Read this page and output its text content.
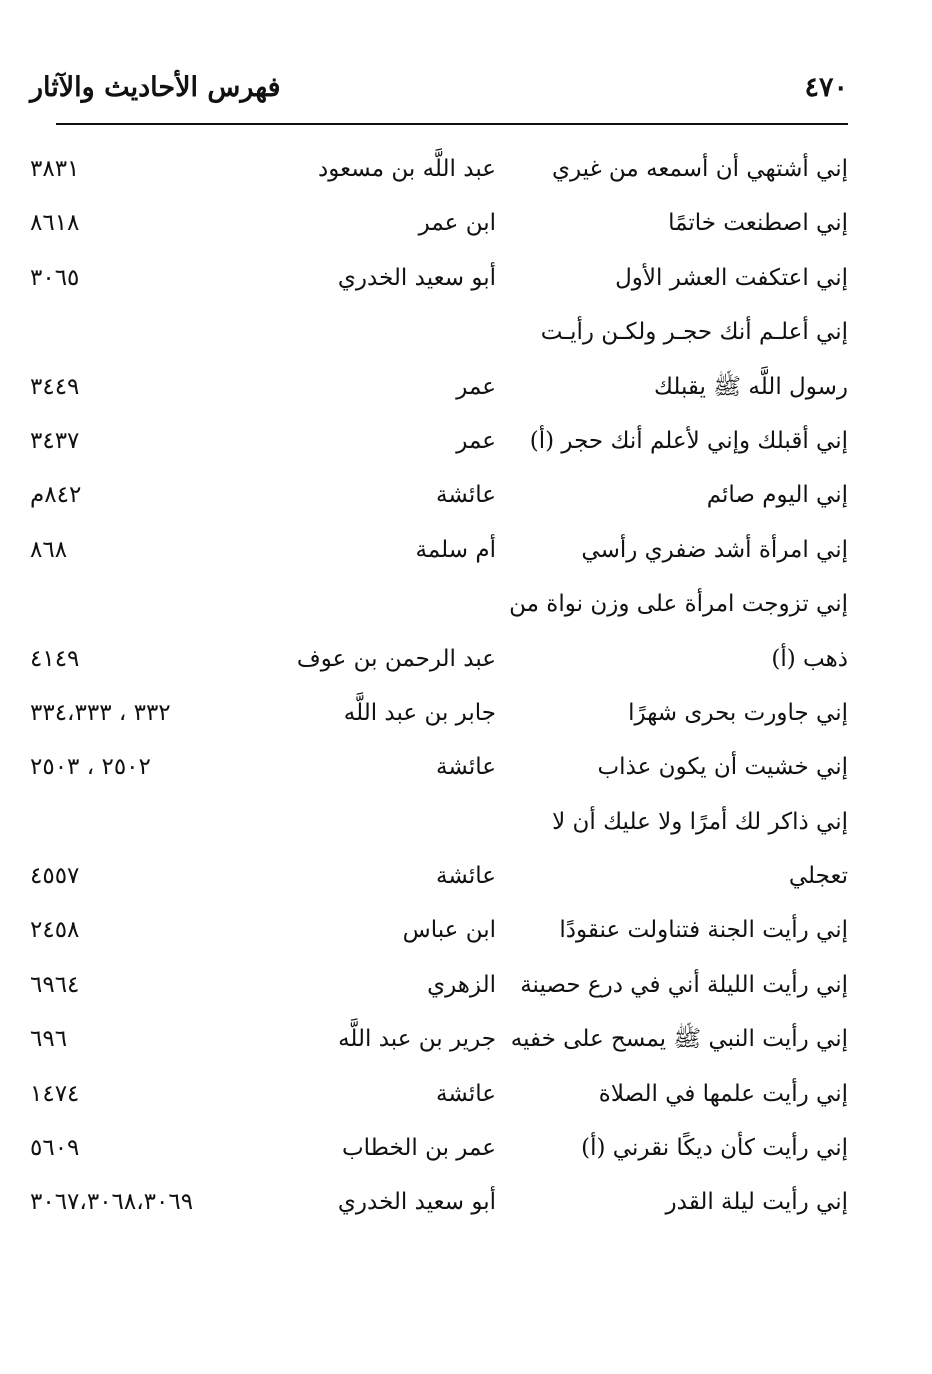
٤٧٠
فهرس الأحاديث والآثار
إني أشتهي أن أسمعه من غيري
عبد اللَّه بن مسعود
٣٨٣١
إني اصطنعت خاتمًا
ابن عمر
٨٦١٨
إني اعتكفت العشر الأول
أبو سعيد الخدري
٣٠٦٥
إني أعلـم أنك حجـر ولكـن رأيـت
رسول اللَّه ﷺ يقبلك
عمر
٣٤٤٩
إني أقبلك وإني لأعلم أنك حجر (أ)
عمر
٣٤٣٧
إني اليوم صائم
عائشة
٨٤٢م
إني امرأة أشد ضفري رأسي
أم سلمة
٨٦٨
إني تزوجت امرأة على وزن نواة من
ذهب (أ)
عبد الرحمن بن عوف
٤١٤٩
إني جاورت بحرى شهرًا
جابر بن عبد اللَّه
٣٣٢ ، ٣٣٤،٣٣٣
إني خشيت أن يكون عذاب
عائشة
٢٥٠٢ ، ٢٥٠٣
إني ذاكر لك أمرًا ولا عليك أن لا
تعجلي
عائشة
٤٥٥٧
إني رأيت الجنة فتناولت عنقودًا
ابن عباس
٢٤٥٨
إني رأيت الليلة أني في درع حصينة
الزهري
٦٩٦٤
إني رأيت النبي ﷺ يمسح على خفيه
جرير بن عبد اللَّه
٦٩٦
إني رأيت علمها في الصلاة
عائشة
١٤٧٤
إني رأيت كأن ديكًا نقرني (أ)
عمر بن الخطاب
٥٦٠٩
إني رأيت ليلة القدر
أبو سعيد الخدري
٣٠٦٧،٣٠٦٨،٣٠٦٩
